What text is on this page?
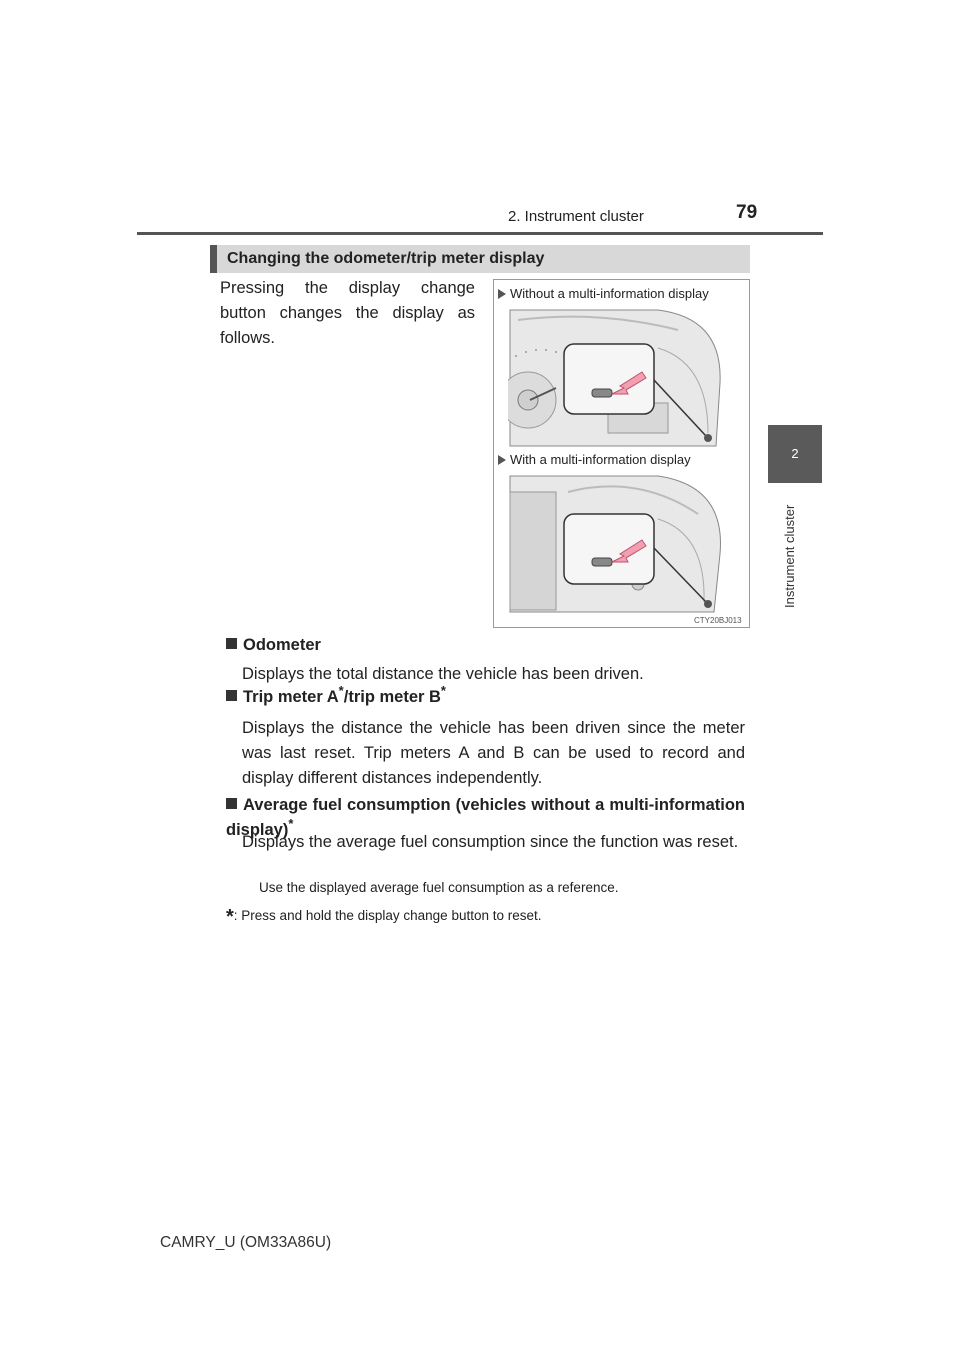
2. Instrument cluster	79
2
Instrument cluster
Changing the odometer/trip meter display
Pressing the display change button changes the display as follows.
Without a multi-information display
With a multi-information display
CTY20BJ013
Odometer
Displays the total distance the vehicle has been driven.
Trip meter A*/trip meter B*
Displays the distance the vehicle has been driven since the meter was last reset. Trip meters A and B can be used to record and display different distances independently.
Average fuel consumption (vehicles without a multi-information display)*
Displays the average fuel consumption since the function was reset.
Use the displayed average fuel consumption as a reference.
*: Press and hold the display change button to reset.
CAMRY_U (OM33A86U)
